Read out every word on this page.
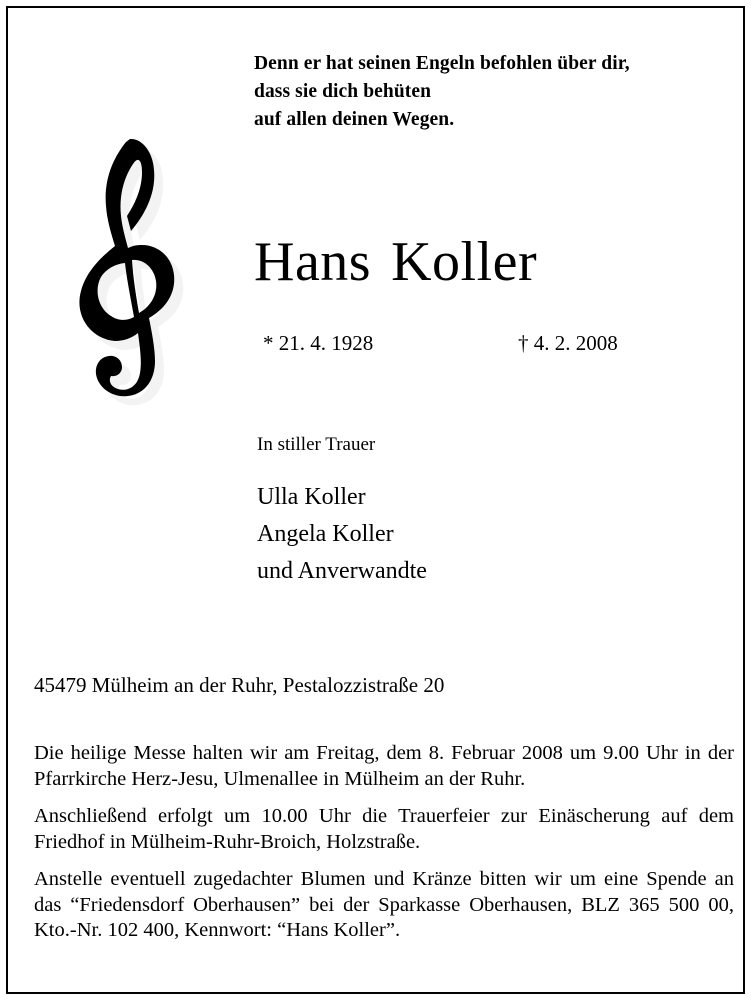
Denn er hat seinen Engeln befohlen über dir,
dass sie dich behüten
auf allen deinen Wegen.
Hans Koller
* 21. 4. 1928	† 4. 2. 2008
In stiller Trauer
Ulla Koller
Angela Koller
und Anverwandte
45479 Mülheim an der Ruhr, Pestalozzistraße 20

Die heilige Messe halten wir am Freitag, dem 8. Februar 2008 um 9.00 Uhr in der Pfarrkirche Herz-Jesu, Ulmenallee in Mülheim an der Ruhr.

Anschließend erfolgt um 10.00 Uhr die Trauerfeier zur Einäscherung auf dem Friedhof in Mülheim-Ruhr-Broich, Holzstraße.

Anstelle eventuell zugedachter Blumen und Kränze bitten wir um eine Spende an das “Friedensdorf Oberhausen” bei der Sparkasse Oberhausen, BLZ 365 500 00, Kto.-Nr. 102 400, Kennwort: “Hans Koller”.
